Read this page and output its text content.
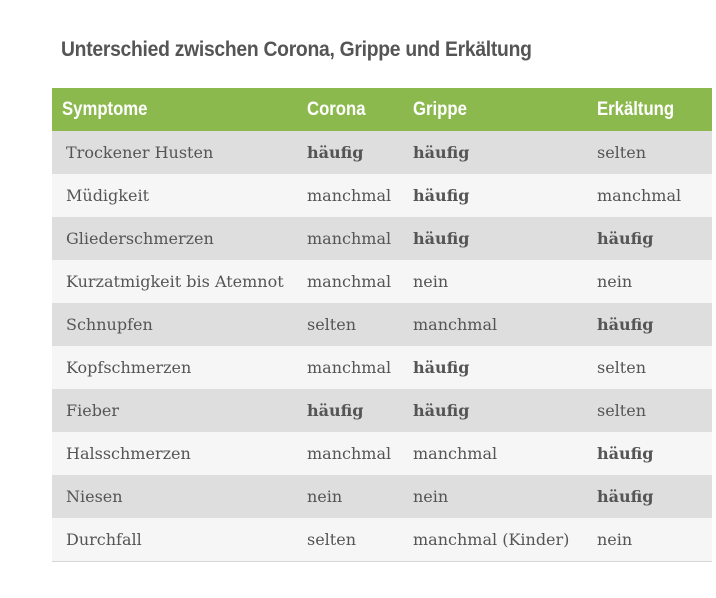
Unterschied zwischen Corona, Grippe und Erkältung
Symptome	Corona	Grippe	Erkältung
Trockener Husten	häufig	häufig	selten
Müdigkeit	manchmal	häufig	manchmal
Gliederschmerzen	manchmal	häufig	häufig
Kurzatmigkeit bis Atemnot	manchmal	nein	nein
Schnupfen	selten	manchmal	häufig
Kopfschmerzen	manchmal	häufig	selten
Fieber	häufig	häufig	selten
Halsschmerzen	manchmal	manchmal	häufig
Niesen	nein	nein	häufig
Durchfall	selten	manchmal (Kinder)	nein
